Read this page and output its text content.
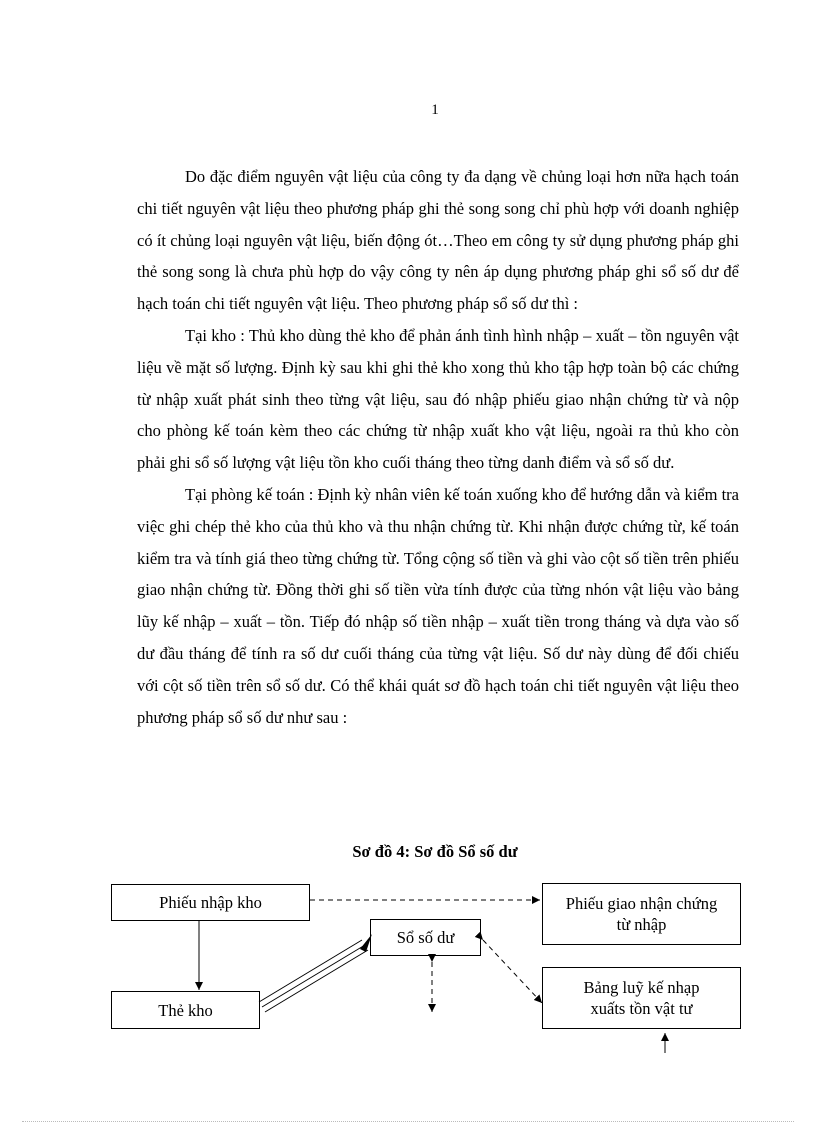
1

Do đặc điểm nguyên vật liệu của công ty đa dạng về chủng loại hơn nữa hạch toán chi tiết nguyên vật liệu theo phương pháp ghi thẻ song song chỉ phù hợp với doanh nghiệp có ít chủng loại nguyên vật liệu, biến động ót…Theo em công ty sử dụng phương pháp ghi thẻ song song là chưa phù hợp do vậy công ty nên áp dụng phương pháp ghi sổ số dư để hạch toán chi tiết nguyên vật liệu. Theo phương pháp sổ số dư thì :

Tại kho : Thủ kho dùng thẻ kho để phản ánh tình hình nhập – xuất – tồn nguyên vật liệu về mặt số lượng. Định kỳ sau khi ghi thẻ kho xong thủ kho tập hợp toàn bộ các chứng từ nhập xuất phát sinh theo từng vật liệu, sau đó nhập phiếu giao nhận chứng từ và nộp cho phòng kế toán kèm theo các chứng từ nhập xuất kho vật liệu, ngoài ra thủ kho còn phải ghi sổ số lượng vật liệu tồn kho cuối tháng theo từng danh điểm và sổ số dư.

Tại phòng kế toán : Định kỳ nhân viên kế toán xuống kho để hướng dẫn và kiểm tra việc ghi chép thẻ kho của thủ kho và thu nhận chứng từ. Khi nhận được chứng từ, kế toán kiểm tra và tính giá theo từng chứng từ. Tổng cộng số tiền và ghi vào cột số tiền trên phiếu giao nhận chứng từ. Đồng thời ghi số tiền vừa tính được của từng nhón vật liệu vào bảng lũy kế nhập – xuất – tồn. Tiếp đó nhập số tiền nhập – xuất tiền trong tháng và dựa vào số dư đầu tháng để tính ra số dư cuối tháng của từng vật liệu. Số dư này dùng để đối chiếu với cột số tiền trên sổ số dư. Có thể khái quát sơ đồ hạch toán chi tiết nguyên vật liệu theo phương pháp sổ số dư như sau :

Sơ đồ 4: Sơ đồ Sổ số dư
Phiếu nhập kho
Thẻ kho
Sổ số dư
Phiếu giao nhận chứng
từ nhập
Bảng luỹ kế nhạp
xuấts tồn vật tư
